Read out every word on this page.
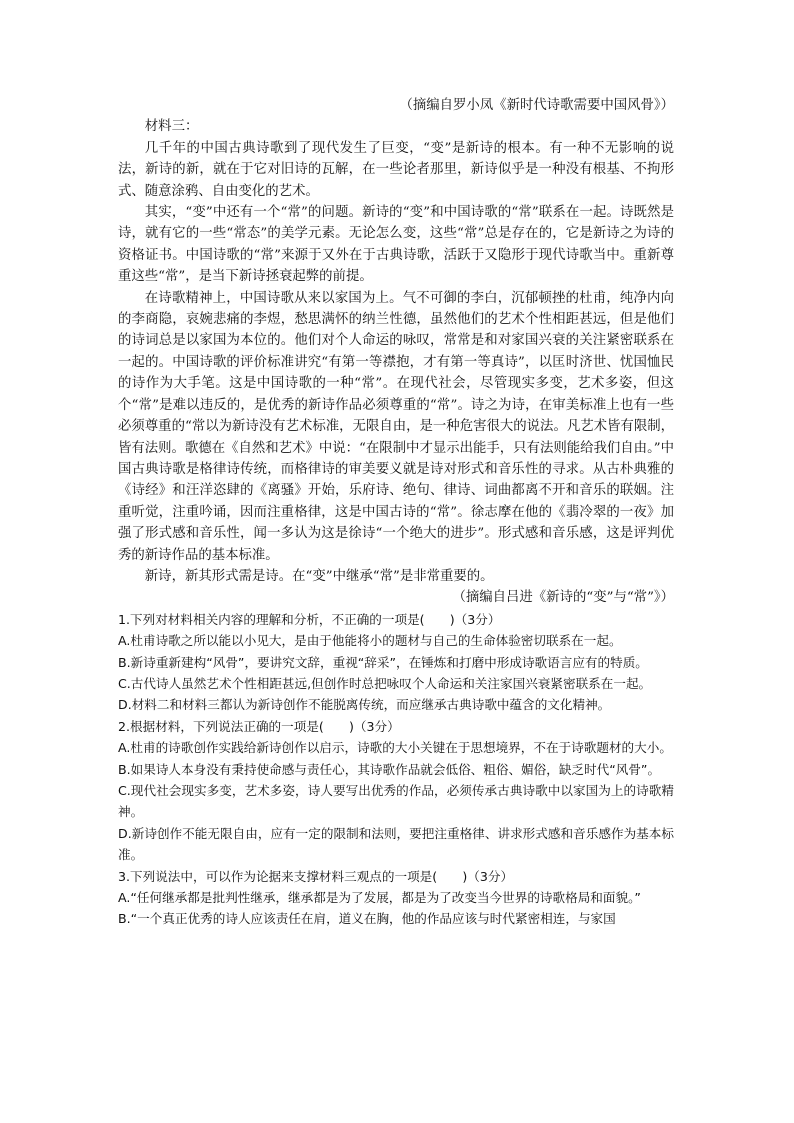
（摘编自罗小凤《新时代诗歌需要中国风骨》）

材料三：

几千年的中国古典诗歌到了现代发生了巨变，“变”是新诗的根本。有一种不无影响的说法，新诗的新，就在于它对旧诗的瓦解，在一些论者那里，新诗似乎是一种没有根基、不拘形式、随意涂鸦、自由变化的艺术。

其实，“变”中还有一个“常”的问题。新诗的“变”和中国诗歌的“常”联系在一起。诗既然是诗，就有它的一些“常态”的美学元素。无论怎么变，这些“常”总是存在的，它是新诗之为诗的资格证书。中国诗歌的“常”来源于又外在于古典诗歌，活跃于又隐形于现代诗歌当中。重新尊重这些“常”，是当下新诗拯衰起弊的前提。

在诗歌精神上，中国诗歌从来以家国为上。气不可御的李白，沉郁顿挫的杜甫，纯净内向的李商隐，哀婉悲痛的李煜，愁思满怀的纳兰性德，虽然他们的艺术个性相距甚远，但是他们的诗词总是以家国为本位的。他们对个人命运的咏叹，常常是和对家国兴衰的关注紧密联系在一起的。中国诗歌的评价标准讲究“有第一等襟抱，才有第一等真诗”，以匡时济世、忧国恤民的诗作为大手笔。这是中国诗歌的一种“常”。在现代社会，尽管现实多变，艺术多姿，但这个“常”是难以违反的，是优秀的新诗作品必须尊重的“常”。诗之为诗，在审美标准上也有一些必须尊重的“常以为新诗没有艺术标准，无限自由，是一种危害很大的说法。凡艺术皆有限制，皆有法则。歌德在《自然和艺术》中说：“在限制中才显示出能手，只有法则能给我们自由。”中国古典诗歌是格律诗传统，而格律诗的审美要义就是诗对形式和音乐性的寻求。从古朴典雅的《诗经》和汪洋恣肆的《离骚》开始，乐府诗、绝句、律诗、词曲都离不开和音乐的联姻。注重听觉，注重吟诵，因而注重格律，这是中国古诗的“常”。徐志摩在他的《翡冷翠的一夜》加强了形式感和音乐性，闻一多认为这是徐诗“一个绝大的进步”。形式感和音乐感，这是评判优秀的新诗作品的基本标准。

新诗，新其形式需是诗。在“变”中继承“常”是非常重要的。

（摘编自吕进《新诗的“变”与“常”》）

1.下列对材料相关内容的理解和分析，不正确的一项是(　　)（3分）

A.杜甫诗歌之所以能以小见大，是由于他能将小的题材与自己的生命体验密切联系在一起。

B.新诗重新建构“风骨”，要讲究文辞，重视“辞采”，在锤炼和打磨中形成诗歌语言应有的特质。

C.古代诗人虽然艺术个性相距甚远,但创作时总把咏叹个人命运和关注家国兴衰紧密联系在一起。

D.材料二和材料三都认为新诗创作不能脱离传统，而应继承古典诗歌中蕴含的文化精神。

2.根据材料，下列说法正确的一项是(　　)（3分）

A.杜甫的诗歌创作实践给新诗创作以启示，诗歌的大小关键在于思想境界，不在于诗歌题材的大小。

B.如果诗人本身没有秉持使命感与责任心，其诗歌作品就会低俗、粗俗、媚俗，缺乏时代“风骨”。

C.现代社会现实多变，艺术多姿，诗人要写出优秀的作品，必须传承古典诗歌中以家国为上的诗歌精神。

D.新诗创作不能无限自由，应有一定的限制和法则，要把注重格律、讲求形式感和音乐感作为基本标准。

3.下列说法中，可以作为论据来支撑材料三观点的一项是(　　)（3分）

A.“任何继承都是批判性继承，继承都是为了发展，都是为了改变当今世界的诗歌格局和面貌。”

B.“一个真正优秀的诗人应该责任在肩，道义在胸，他的作品应该与时代紧密相连，与家国
